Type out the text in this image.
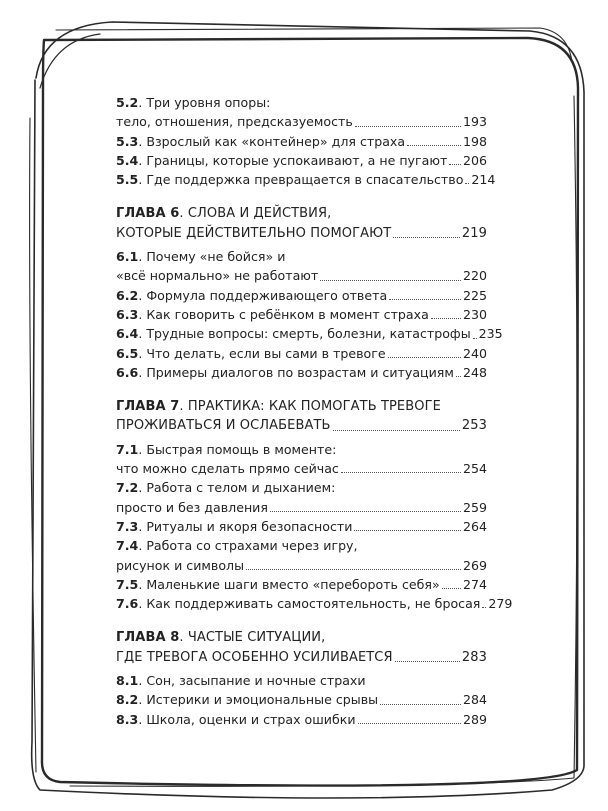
5.2 . Три уровня опоры:
тело, отношения, предсказуемость	193
5.3 . Взрослый как «контейнер» для страха	198
5.4 . Границы, которые успокаивают, а не пугают 206
5.5 . Где поддержка превращается в спасательство 214
ГЛАВА 6 . СЛОВА И ДЕЙСТВИЯ,
КОТОРЫЕ ДЕЙСТВИТЕЛЬНО ПОМОГАЮТ	219
6.1 . Почему «не бойся» и
«всё нормально» не работают	220
6.2 . Формула поддерживающего ответа	225
6.3 . Как говорить с ребёнком в момент страха	230
6.4 . Трудные вопросы: смерть, болезни, катастрофы 235
6.5 . Что делать, если вы сами в тревоге	240
6.6 . Примеры диалогов по возрастам и ситуациям 248
ГЛАВА 7 . ПРАКТИКА: КАК ПОМОГАТЬ ТРЕВОГЕ
ПРОЖИВАТЬСЯ И ОСЛАБЕВАТЬ	253
7.1 . Быстрая помощь в моменте:
что можно сделать прямо сейчас	254
7.2 . Работа с телом и дыханием:
просто и без давления	259
7.3 . Ритуалы и якоря безопасности	264
7.4 . Работа со страхами через игру,
рисунок и символы	269
7.5 . Маленькие шаги вместо «перебороть себя» 274
7.6 . Как поддерживать самостоятельность, не бросая 279
ГЛАВА 8 . ЧАСТЫЕ СИТУАЦИИ,
ГДЕ ТРЕВОГА ОСОБЕННО УСИЛИВАЕТСЯ	283
8.1 . Сон, засыпание и ночные страхи
8.2 . Истерики и эмоциональные срывы	284
8.3 . Школа, оценки и страх ошибки	289
